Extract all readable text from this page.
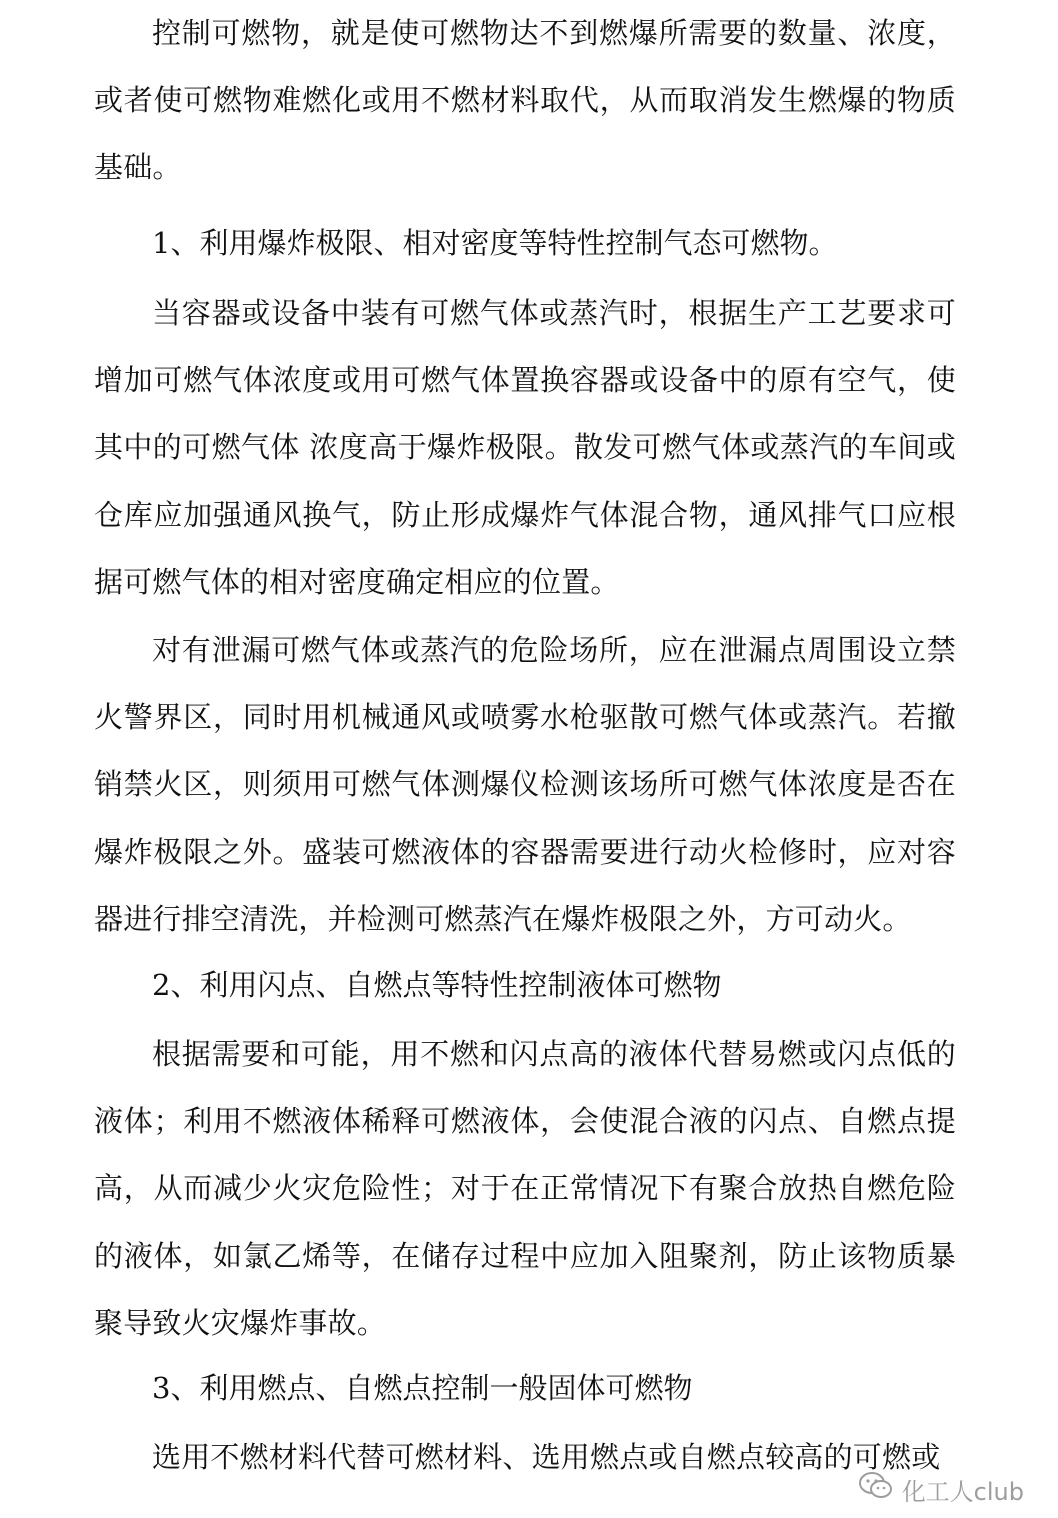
控制可燃物，就是使可燃物达不到燃爆所需要的数量、浓度，或者使可燃物难燃化或用不燃材料取代，从而取消发生燃爆的物质基础。

1、利用爆炸极限、相对密度等特性控制气态可燃物。

当容器或设备中装有可燃气体或蒸汽时，根据生产工艺要求可增加可燃气体浓度或用可燃气体置换容器或设备中的原有空气，使其中的可燃气体 浓度高于爆炸极限。散发可燃气体或蒸汽的车间或仓库应加强通风换气，防止形成爆炸气体混合物，通风排气口应根据可燃气体的相对密度确定相应的位置。

对有泄漏可燃气体或蒸汽的危险场所，应在泄漏点周围设立禁火警界区，同时用机械通风或喷雾水枪驱散可燃气体或蒸汽。若撤销禁火区，则须用可燃气体测爆仪检测该场所可燃气体浓度是否在爆炸极限之外。盛装可燃液体的容器需要进行动火检修时，应对容器进行排空清洗，并检测可燃蒸汽在爆炸极限之外，方可动火。

2、利用闪点、自燃点等特性控制液体可燃物

根据需要和可能，用不燃和闪点高的液体代替易燃或闪点低的液体；利用不燃液体稀释可燃液体，会使混合液的闪点、自燃点提高，从而减少火灾危险性；对于在正常情况下有聚合放热自燃危险的液体，如氯乙烯等，在储存过程中应加入阻聚剂，防止该物质暴聚导致火灾爆炸事故。

3、利用燃点、自燃点控制一般固体可燃物

选用不燃材料代替可燃材料、选用燃点或自燃点较高的可燃或

化工人club
